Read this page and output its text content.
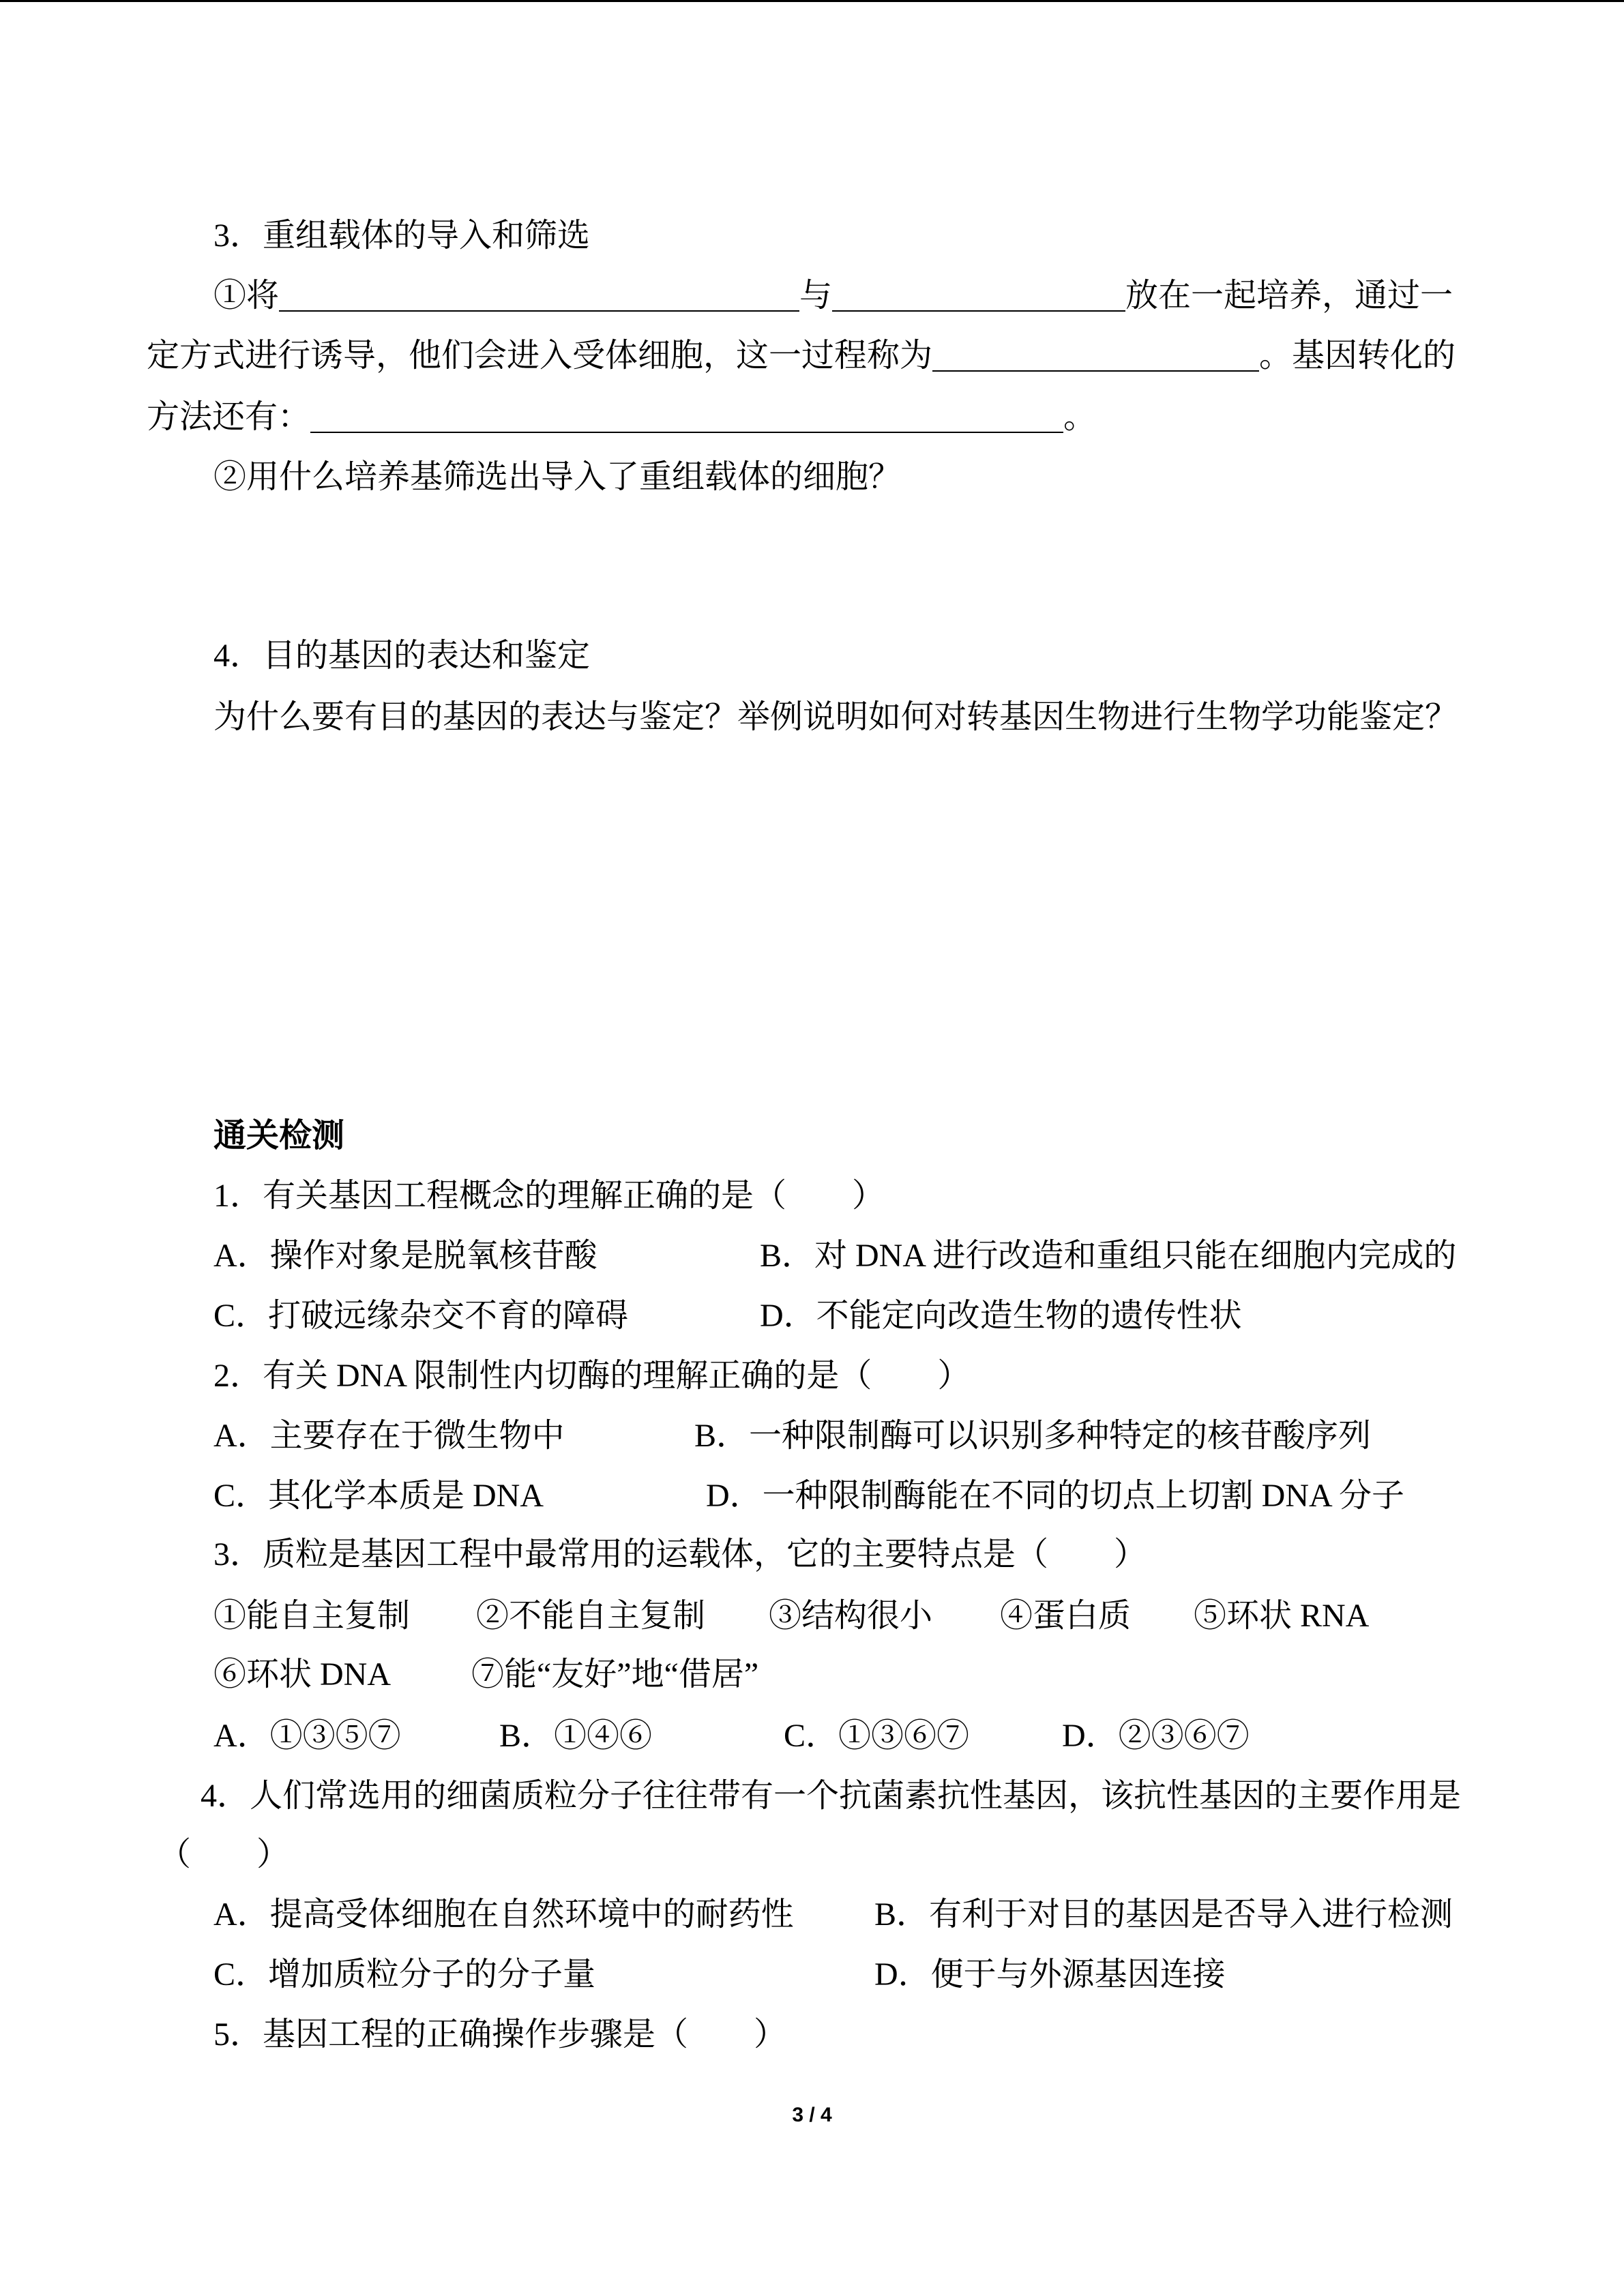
3．重组载体的导入和筛选
①将	与	放在一起培养，通过一
定方式进行诱导，他们会进入受体细胞，这一过程称为	。基因转化的
方法还有：	。
②用什么培养基筛选出导入了重组载体的细胞？
4．目的基因的表达和鉴定
为什么要有目的基因的表达与鉴定？举例说明如何对转基因生物进行生物学功能鉴定？
通关检测
1．有关基因工程概念的理解正确的是（　　）
A．操作对象是脱氧核苷酸	B．对 DNA 进行改造和重组只能在细胞内完成的
C．打破远缘杂交不育的障碍	D．不能定向改造生物的遗传性状
2．有关 DNA 限制性内切酶的理解正确的是（　　）
A．主要存在于微生物中	B．一种限制酶可以识别多种特定的核苷酸序列
C．其化学本质是 DNA	D．一种限制酶能在不同的切点上切割 DNA 分子
3．质粒是基因工程中最常用的运载体，它的主要特点是（　　）
①能自主复制 ②不能自主复制 ③结构很小 ④蛋白质 ⑤环状 RNA
⑥环状 DNA ⑦能“友好”地“借居”
A．①③⑤⑦	B．①④⑥	C．①③⑥⑦	D．②③⑥⑦
4．人们常选用的细菌质粒分子往往带有一个抗菌素抗性基因，该抗性基因的主要作用是
（　　）
A．提高受体细胞在自然环境中的耐药性 B．有利于对目的基因是否导入进行检测
C．增加质粒分子的分子量	D．便于与外源基因连接
5．基因工程的正确操作步骤是（　　）
3 / 4
